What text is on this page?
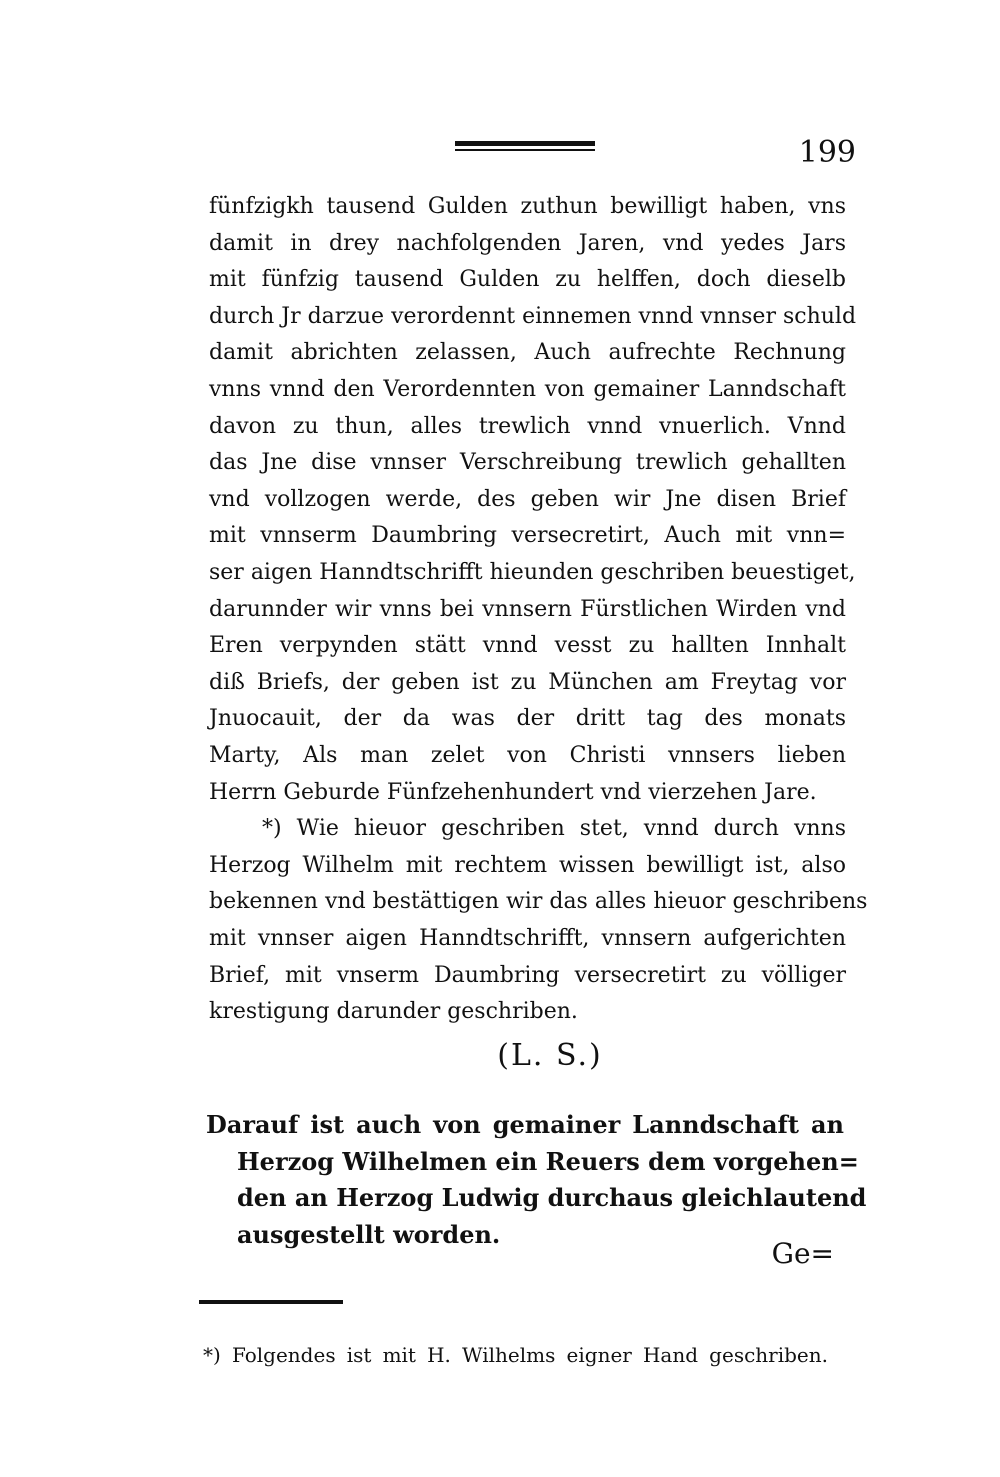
199
fünfzigkh tausend Gulden zuthun bewilligt haben, vns
damit in drey nachfolgenden Jaren, vnd yedes Jars
mit fünfzig tausend Gulden zu helffen, doch dieselb
durch Jr darzue verordennt einnemen vnnd vnnser schuld
damit abrichten zelassen, Auch aufrechte Rechnung
vnns vnnd den Verordennten von gemainer Lanndschaft
davon zu thun, alles trewlich vnnd vnuerlich. Vnnd
das Jne dise vnnser Verschreibung trewlich gehallten
vnd vollzogen werde, des geben wir Jne disen Brief
mit vnnserm Daumbring versecretirt, Auch mit vnn=
ser aigen Hanndtschrifft hieunden geschriben beuestiget,
darunnder wir vnns bei vnnsern Fürstlichen Wirden vnd
Eren verpynden stätt vnnd vesst zu hallten Innhalt
diß Briefs, der geben ist zu München am Freytag vor
Jnuocauit, der da was der dritt tag des monats
Marty, Als man zelet von Christi vnnsers lieben
Herrn Geburde Fünfzehenhundert vnd vierzehen Jare.
*) Wie hieuor geschriben stet, vnnd durch vnns
Herzog Wilhelm mit rechtem wissen bewilligt ist, also
bekennen vnd bestättigen wir das alles hieuor geschribens
mit vnnser aigen Hanndtschrifft, vnnsern aufgerichten
Brief, mit vnserm Daumbring versecretirt zu völliger
krestigung darunder geschriben.
(L. S.)
Darauf ist auch von gemainer Lanndschaft an
Herzog Wilhelmen ein Reuers dem vorgehen=
den an Herzog Ludwig durchaus gleichlautend
ausgestellt worden.
Ge=
*) Folgendes ist mit H. Wilhelms eigner Hand geschriben.
